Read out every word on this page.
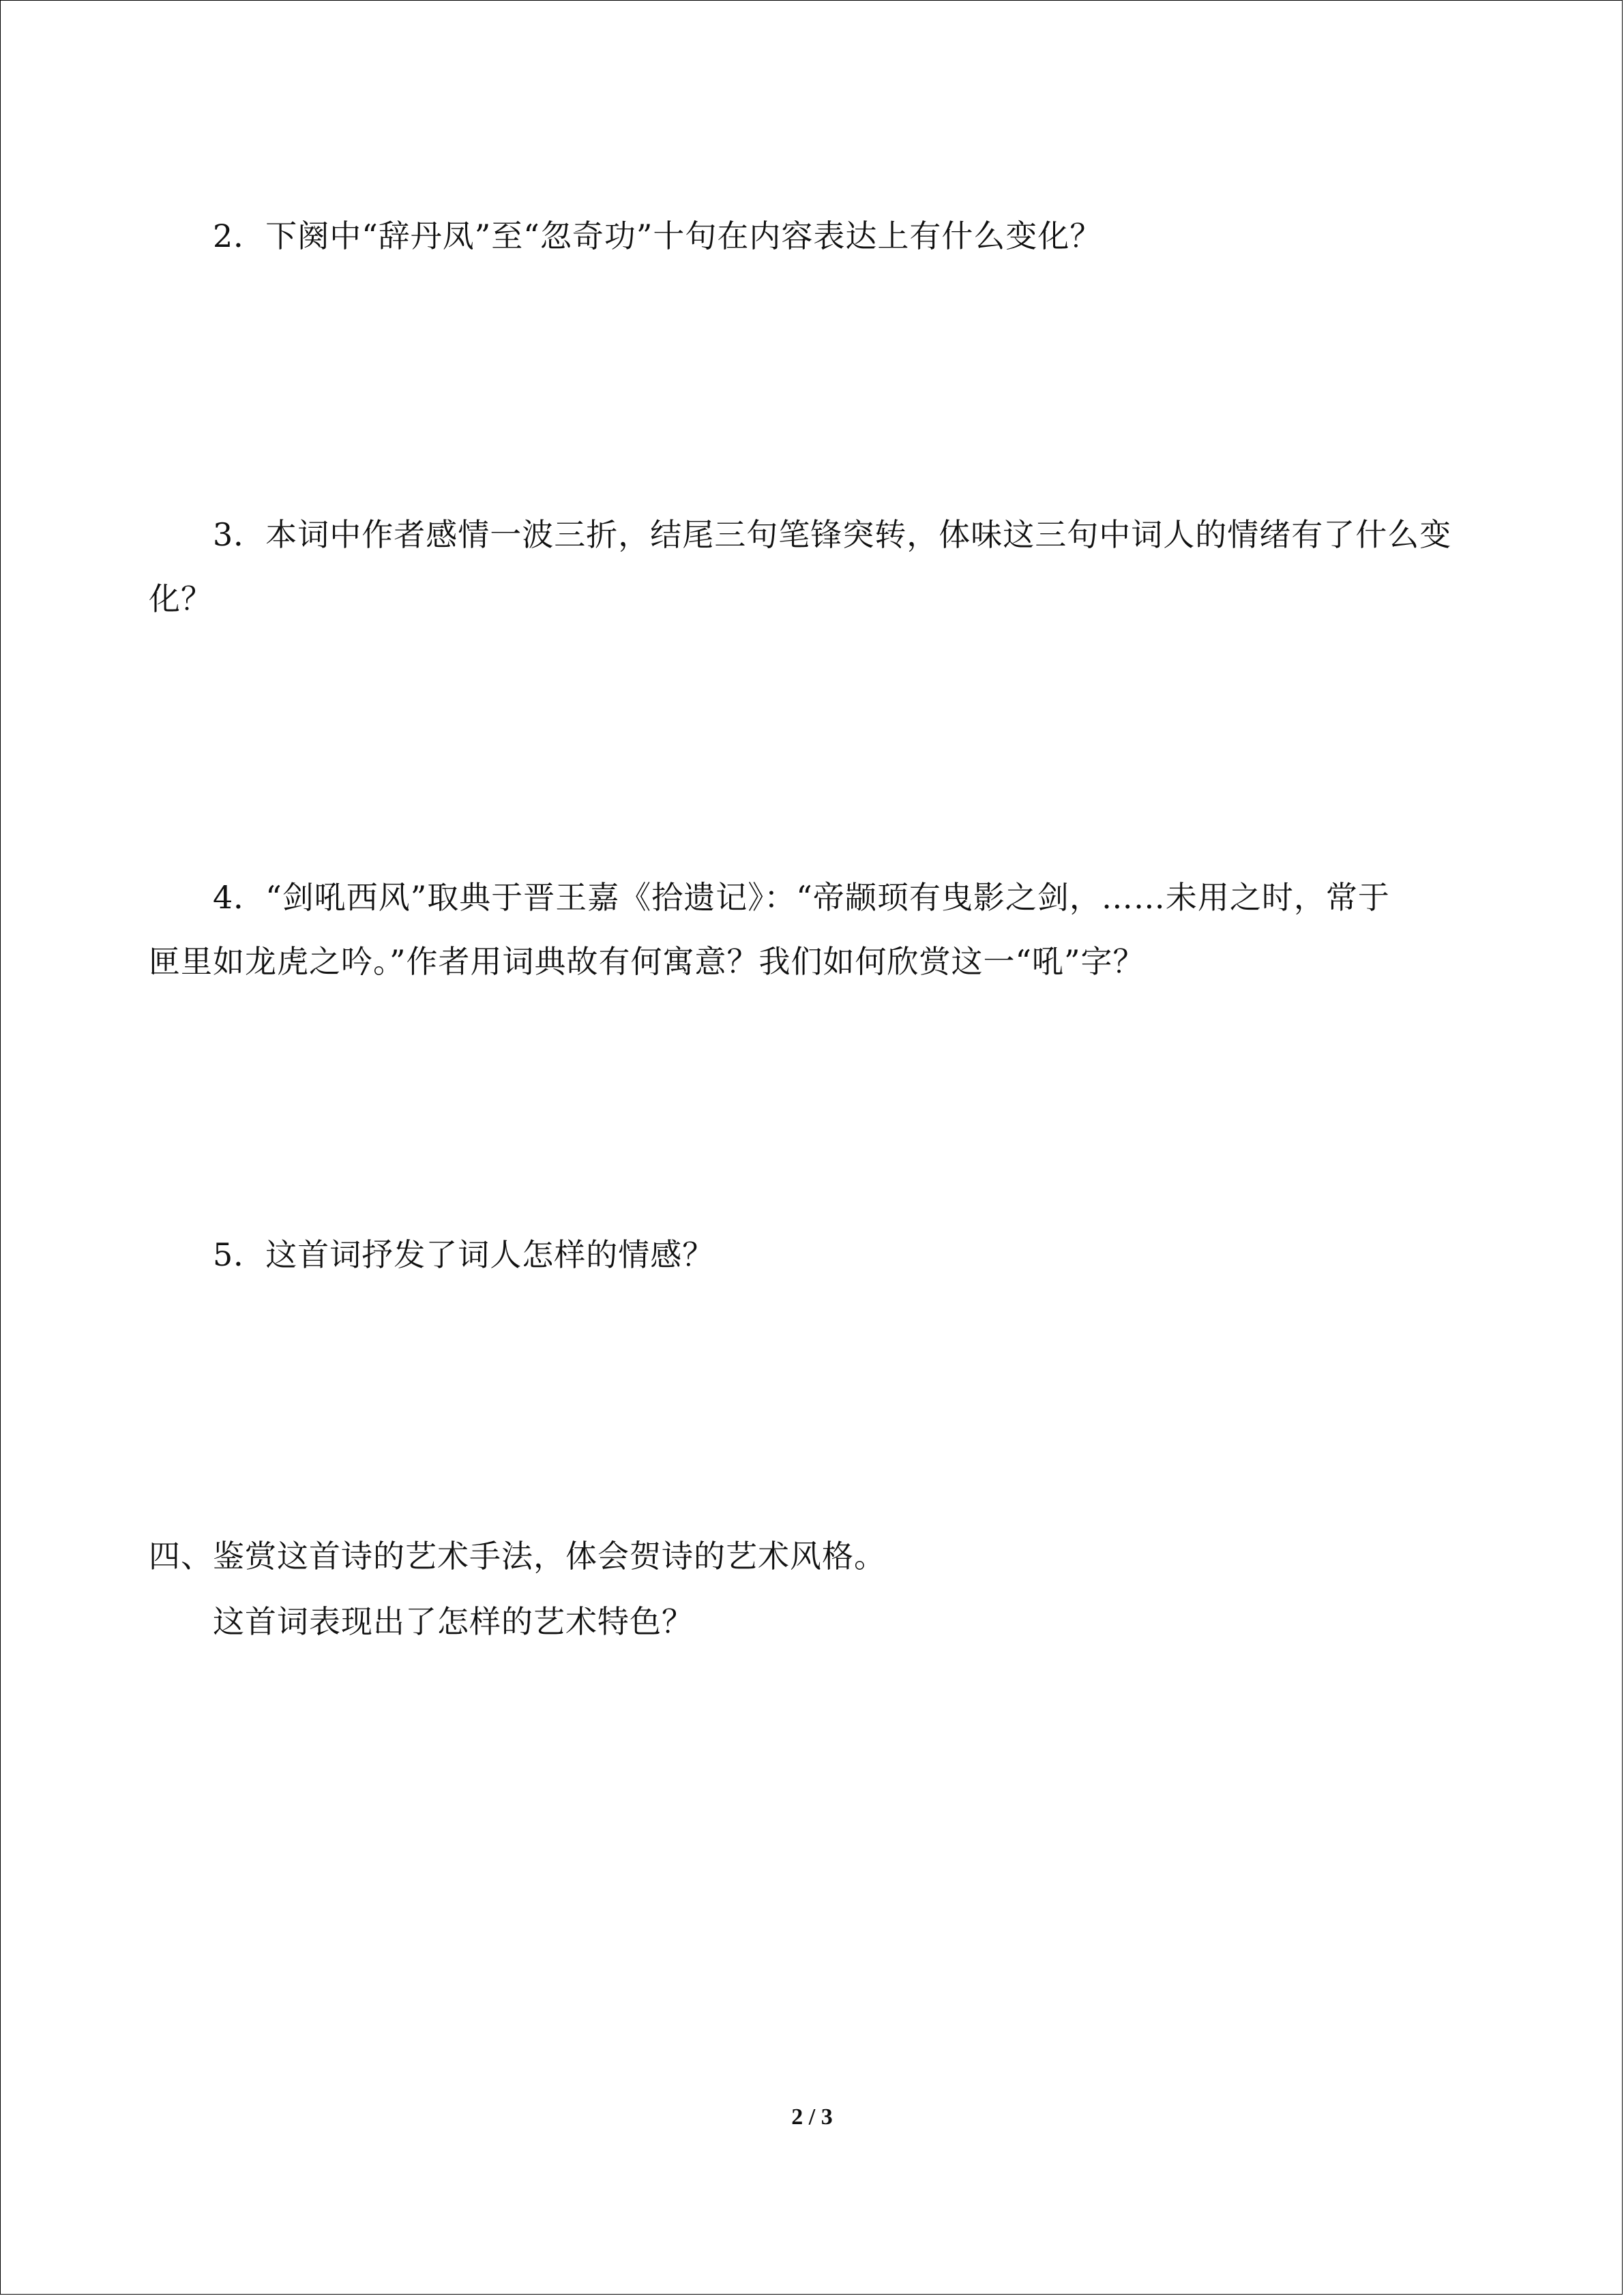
2．下阕中“辞丹凤”至“忽奇功”十句在内容表达上有什么变化？

3．本词中作者感情一波三折，结尾三句笔锋突转，体味这三句中词人的情绪有了什么变

化？

4．“剑吼西风”取典于晋王嘉《拾遗记》：“帝颛顼有曳影之剑，……未用之时，常于

匣里如龙虎之吟。”作者用词典故有何寓意？我们如何欣赏这一“吼”字？

5．这首词抒发了词人怎样的情感？

四、鉴赏这首诗的艺术手法，体会贺诗的艺术风格。

这首词表现出了怎样的艺术特色？

2 / 3
